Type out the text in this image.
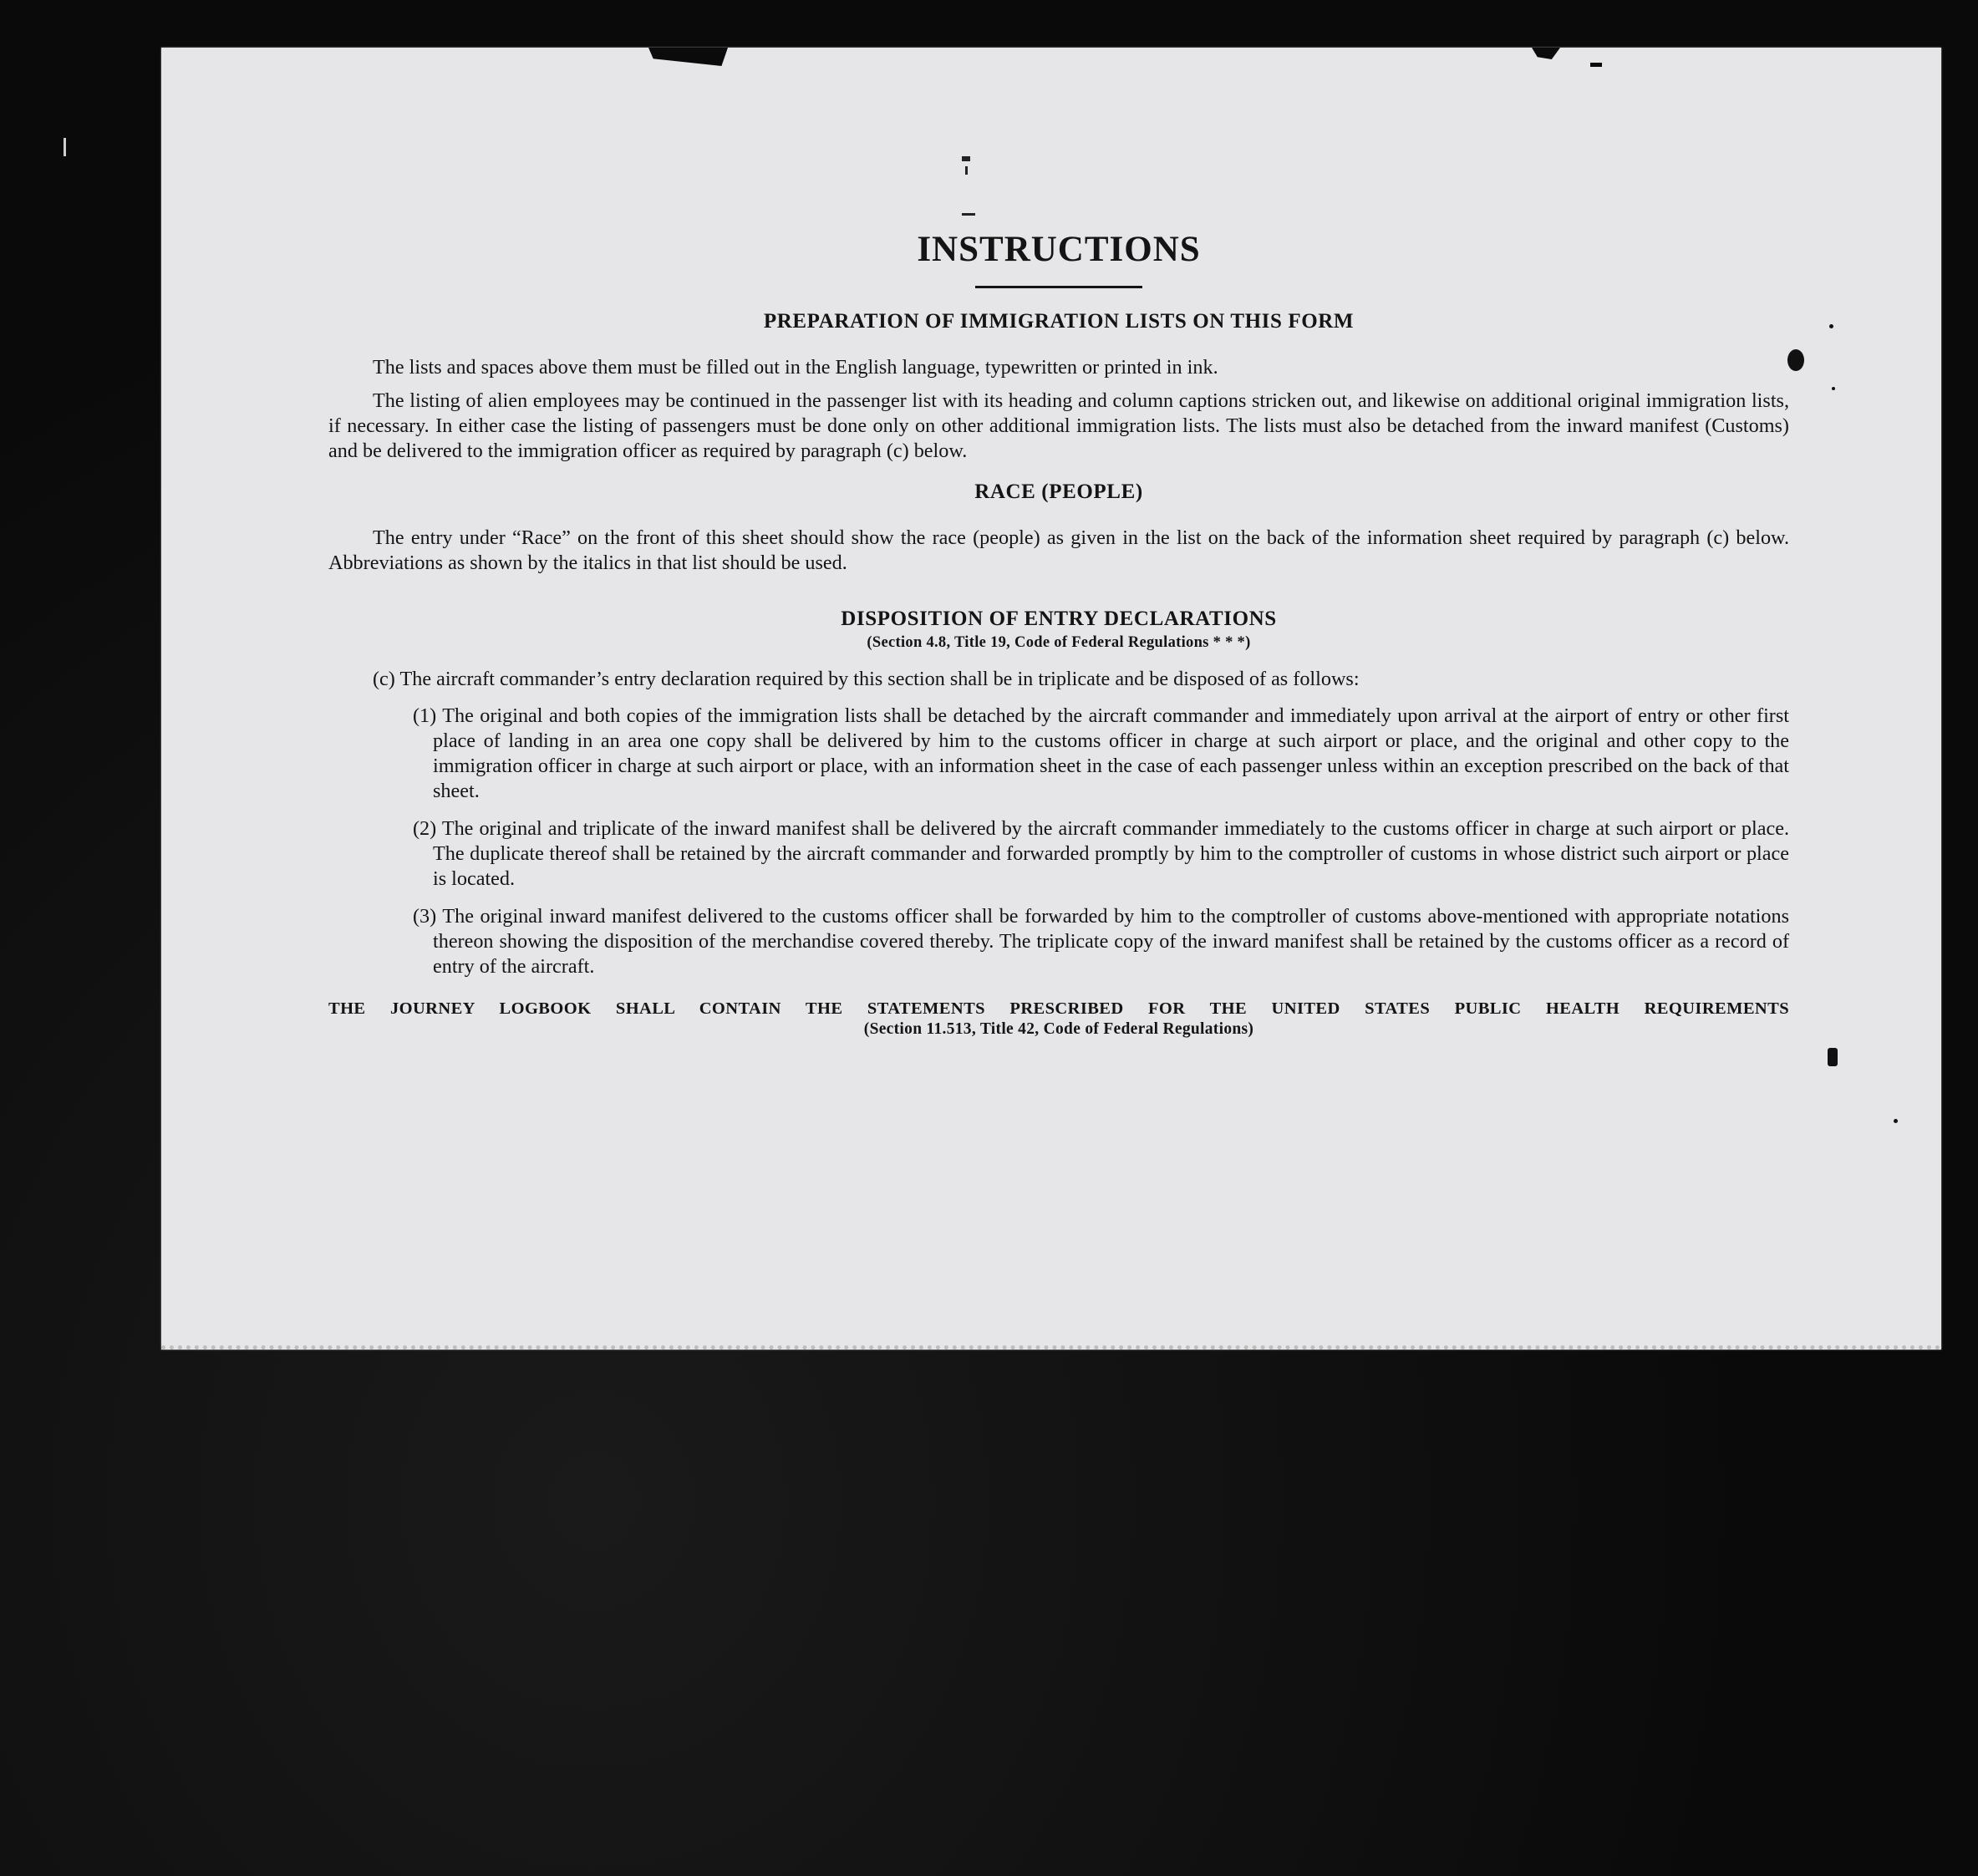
INSTRUCTIONS
PREPARATION OF IMMIGRATION LISTS ON THIS FORM

The lists and spaces above them must be filled out in the English language, typewritten or printed in ink.

The listing of alien employees may be continued in the passenger list with its heading and column captions stricken out, and likewise on additional original immigration lists, if necessary. In either case the listing of passengers must be done only on other additional immigration lists. The lists must also be detached from the inward manifest (Customs) and be delivered to the immigration officer as required by paragraph (c) below.

RACE (PEOPLE)

The entry under “Race” on the front of this sheet should show the race (people) as given in the list on the back of the information sheet required by paragraph (c) below. Abbreviations as shown by the italics in that list should be used.

DISPOSITION OF ENTRY DECLARATIONS
(Section 4.8, Title 19, Code of Federal Regulations * * *)

(c) The aircraft commander’s entry declaration required by this section shall be in triplicate and be disposed of as follows:

(1) The original and both copies of the immigration lists shall be detached by the aircraft commander and immediately upon arrival at the airport of entry or other first place of landing in an area one copy shall be delivered by him to the customs officer in charge at such airport or place, and the original and other copy to the immigration officer in charge at such airport or place, with an information sheet in the case of each passenger unless within an exception prescribed on the back of that sheet.
(2) The original and triplicate of the inward manifest shall be delivered by the aircraft commander immediately to the customs officer in charge at such airport or place. The duplicate thereof shall be retained by the aircraft commander and forwarded promptly by him to the comptroller of customs in whose district such airport or place is located.
(3) The original inward manifest delivered to the customs officer shall be forwarded by him to the comptroller of customs above-mentioned with appropriate notations thereon showing the disposition of the merchandise covered thereby. The triplicate copy of the inward manifest shall be retained by the customs officer as a record of entry of the aircraft.
THE JOURNEY LOGBOOK SHALL CONTAIN THE STATEMENTS PRESCRIBED FOR THE UNITED STATES PUBLIC HEALTH REQUIREMENTS
(Section 11.513, Title 42, Code of Federal Regulations)
